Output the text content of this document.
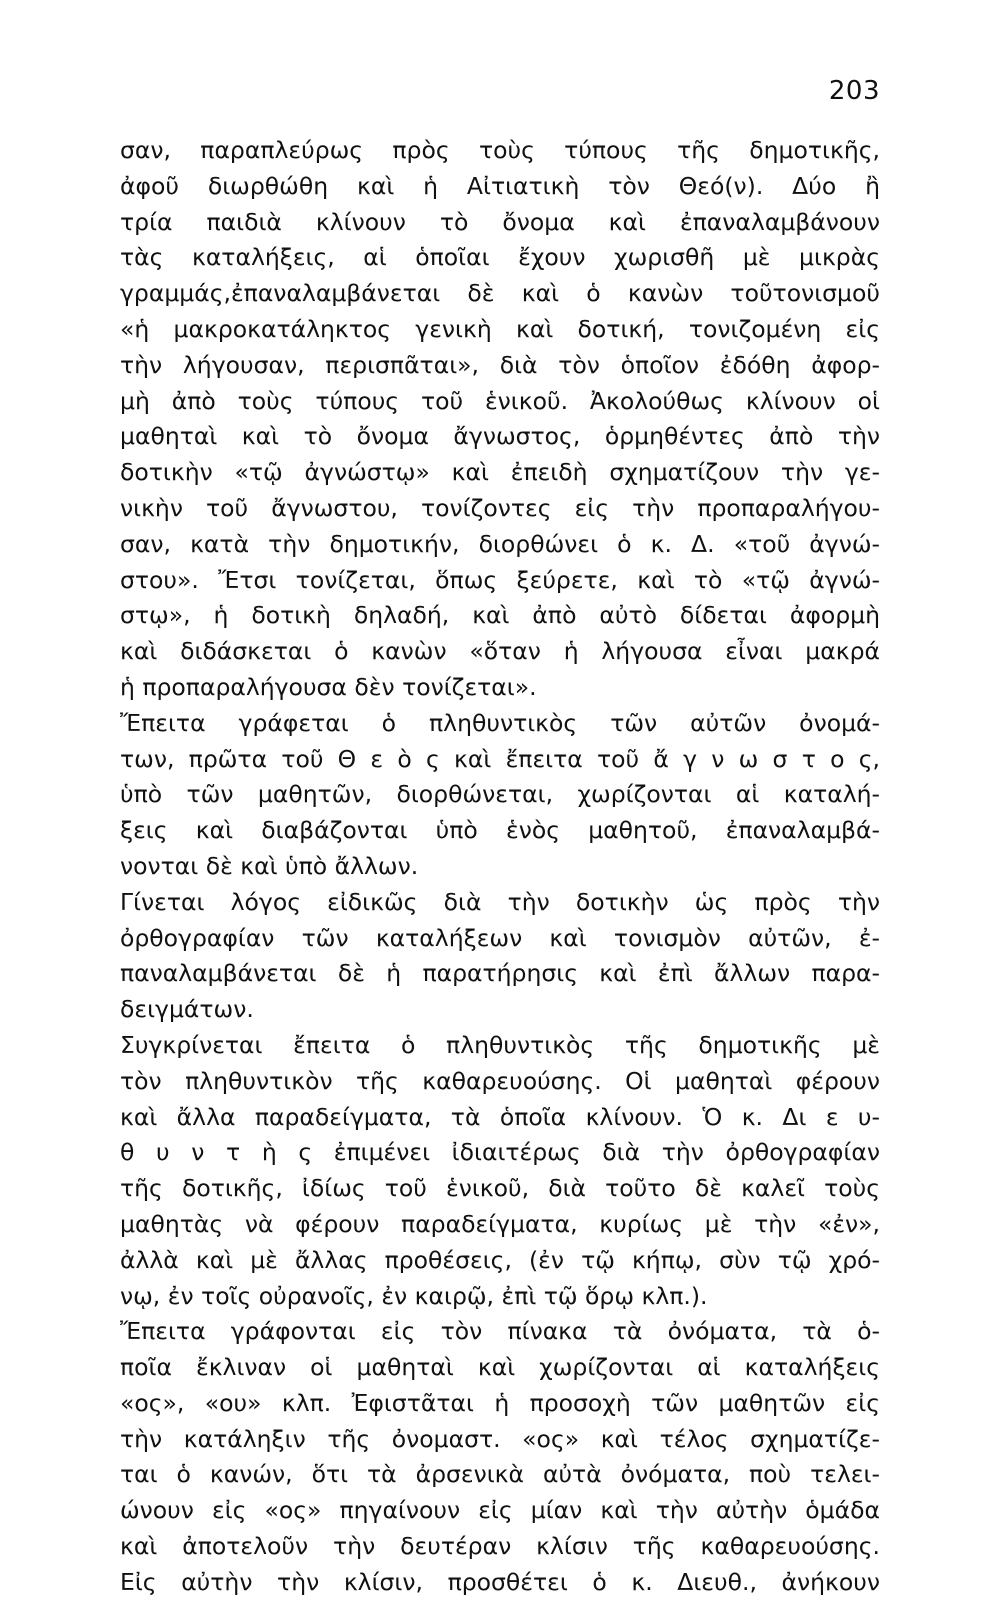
203
σαν, παραπλεύρως πρὸς τοὺς τύπους τῆς δημοτικῆς,
ἀφοῦ διωρθώθη καὶ ἡ Αἰτιατικὴ τὸν Θεό(ν). Δύο ἢ
τρία παιδιὰ κλίνουν τὸ ὄνομα καὶ ἐπαναλαμβάνουν
τὰς καταλήξεις, αἱ ὁποῖαι ἔχουν χωρισθῆ μὲ μικρὰς
γραμμάς,ἐπαναλαμβάνεται δὲ καὶ ὁ κανὼν τοῦτονισμοῦ
«ἡ μακροκατάληκτος γενικὴ καὶ δοτική, τονιζομένη εἰς
τὴν λήγουσαν, περισπᾶται», διὰ τὸν ὁποῖον ἐδόθη ἀφορ-
μὴ ἀπὸ τοὺς τύπους τοῦ ἑνικοῦ. Ἀκολούθως κλίνουν οἱ
μαθηταὶ καὶ τὸ ὄνομα ἄγνωστος, ὁρμηθέντες ἀπὸ τὴν
δοτικὴν «τῷ ἀγνώστῳ» καὶ ἐπειδὴ σχηματίζουν τὴν γε-
νικὴν τοῦ ἄγνωστου, τονίζοντες εἰς τὴν προπαραλήγου-
σαν, κατὰ τὴν δημοτικήν, διορθώνει ὁ κ. Δ. «τοῦ ἀγνώ-
στου». Ἔτσι τονίζεται, ὅπως ξεύρετε, καὶ τὸ «τῷ ἀγνώ-
στῳ», ἡ δοτικὴ δηλαδή, καὶ ἀπὸ αὐτὸ δίδεται ἀφορμὴ
καὶ διδάσκεται ὁ κανὼν «ὅταν ἡ λήγουσα εἶναι μακρά
ἡ προπαραλήγουσα δὲν τονίζεται».
Ἔπειτα γράφεται ὁ πληθυντικὸς τῶν αὐτῶν ὀνομά-
των, πρῶτα τοῦ Θ ε ὸ ς καὶ ἔπειτα τοῦ ἄ γ ν ω σ τ ο ς,
ὑπὸ τῶν μαθητῶν, διορθώνεται, χωρίζονται αἱ καταλή-
ξεις καὶ διαβάζονται ὑπὸ ἑνὸς μαθητοῦ, ἐπαναλαμβά-
νονται δὲ καὶ ὑπὸ ἄλλων.
Γίνεται λόγος εἰδικῶς διὰ τὴν δοτικὴν ὡς πρὸς τὴν
ὀρθογραφίαν τῶν καταλήξεων καὶ τονισμὸν αὐτῶν, ἐ-
παναλαμβάνεται δὲ ἡ παρατήρησις καὶ ἐπὶ ἄλλων παρα-
δειγμάτων.
Συγκρίνεται ἔπειτα ὁ πληθυντικὸς τῆς δημοτικῆς μὲ
τὸν πληθυντικὸν τῆς καθαρευούσης. Οἱ μαθηταὶ φέρουν
καὶ ἄλλα παραδείγματα, τὰ ὁποῖα κλίνουν. Ὁ κ. Δι ε υ-
θ υ ν τ ὴ ς ἐπιμένει ἰδιαιτέρως διὰ τὴν ὀρθογραφίαν
τῆς δοτικῆς, ἰδίως τοῦ ἑνικοῦ, διὰ τοῦτο δὲ καλεῖ τοὺς
μαθητὰς νὰ φέρουν παραδείγματα, κυρίως μὲ τὴν «ἐν»,
ἀλλὰ καὶ μὲ ἄλλας προθέσεις, (ἐν τῷ κήπῳ, σὺν τῷ χρό-
νῳ, ἐν τοῖς οὐρανοῖς, ἐν καιρῷ, ἐπὶ τῷ ὅρῳ κλπ.).
Ἔπειτα γράφονται εἰς τὸν πίνακα τὰ ὀνόματα, τὰ ὁ-
ποῖα ἔκλιναν οἱ μαθηταὶ καὶ χωρίζονται αἱ καταλήξεις
«ος», «ου» κλπ. Ἐφιστᾶται ἡ προσοχὴ τῶν μαθητῶν εἰς
τὴν κατάληξιν τῆς ὀνομαστ. «ος» καὶ τέλος σχηματίζε-
ται ὁ κανών, ὅτι τὰ ἀρσενικὰ αὐτὰ ὀνόματα, ποὺ τελει-
ώνουν εἰς «ος» πηγαίνουν εἰς μίαν καὶ τὴν αὐτὴν ὁμάδα
καὶ ἀποτελοῦν τὴν δευτέραν κλίσιν τῆς καθαρευούσης.
Εἰς αὐτὴν τὴν κλίσιν, προσθέτει ὁ κ. Διευθ., ἀνήκουν
